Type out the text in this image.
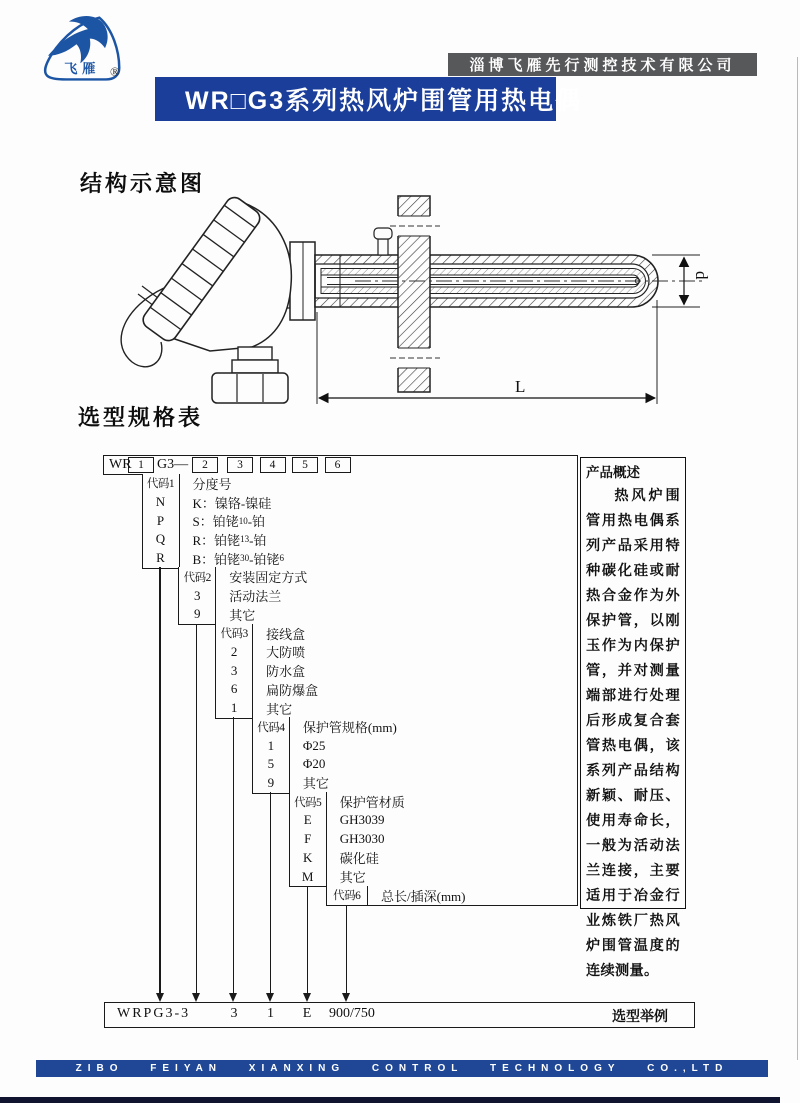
飞雁 ®	淄博飞雁先行测控技术有限公司
WR□G3系列热风炉围管用热电偶
结构示意图
d
L
选型规格表
WR 1 G3—	2	3	4	5	6
代码1	分度号
N	K：镍铬-镍硅
P	S：铂铑 10 -铂
Q	R：铂铑 13 -铂
R	B：铂铑 30 -铂铑 6
代码2	安装固定方式
3	活动法兰
9	其它
代码3	接线盒
2	大防喷
3	防水盒
6	扁防爆盒
1	其它
代码4	保护管规格(mm)
1	Φ25
5	Φ20
9	其它
代码5	保护管材质
E	GH3039
F	GH3030
K	碳化硅
M	其它
代码6	总长/插深(mm)
产品概述
热风炉围管用热电偶系列产品采用特种碳化硅或耐热合金作为外保护管，以刚玉作为内保护管，并对测量端部进行处理后形成复合套管热电偶，该系列产品结构新颖、耐压、使用寿命长，一般为活动法兰连接，主要适用于冶金行业炼铁厂热风炉围管温度的连续测量。
WRPG3-3	选型举例
3 1 E 900/750
ZIBO FEIYAN XIANXING CONTROL TECHNOLOGY CO.,LTD
